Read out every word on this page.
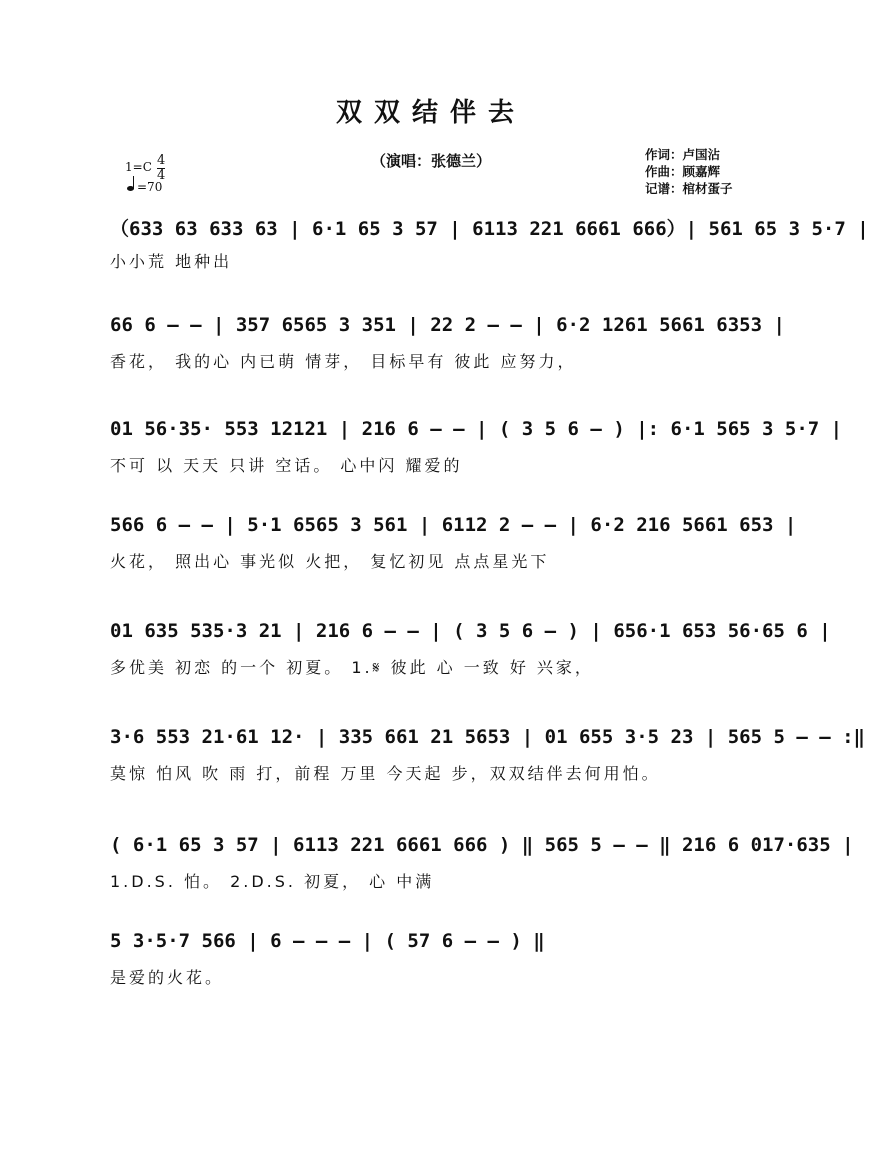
双双结伴去
（演唱：张德兰）	作词：卢国沾
作曲：顾嘉辉
记谱：棺材蛋子
$1=C \frac{4}{4}$
=70
（633 63 633 63 | 6·1 65 3 57 | 6113 221 6661 666）| 561 65 3 5·7 |
小小荒 地种出
66 6 – – | 357 6565 3 351 | 22 2 – – | 6·2 1261 5661 6353 |
香花， 我的心 内已萌 情芽， 目标早有 彼此 应努力，
01 56·35· 553 12121 | 216 6 – – | ( 3 5 6 – ) |: 6·1 565 3 5·7 |
不可 以 天天 只讲 空话。 心中闪 耀爱的
566 6 – – | 5·1 6565 3 561 | 6112 2 – – | 6·2 216 5661 653 |
火花， 照出心 事光似 火把， 复忆初见 点点星光下
01 635 535·3 21 | 216 6 – – | ( 3 5 6 – ) | 656·1 653 56·65 6 |
多优美 初恋 的一个 初夏。 1.𝄋 彼此 心 一致 好 兴家，
3·6 553 21·61 12· | 335 661 21 5653 | 01 655 3·5 23 | 565 5 – – :‖
莫惊 怕风 吹 雨 打，前程 万里 今天起 步，双双结伴去何用怕。
( 6·1 65 3 57 | 6113 221 6661 666 ) ‖ 565 5 – – ‖ 216 6 017·635 |
1.D.S. 怕。 2.D.S. 初夏， 心 中满
5 3·5·7 566 | 6 – – – | ( 57 6 – – ) ‖
是爱的火花。
